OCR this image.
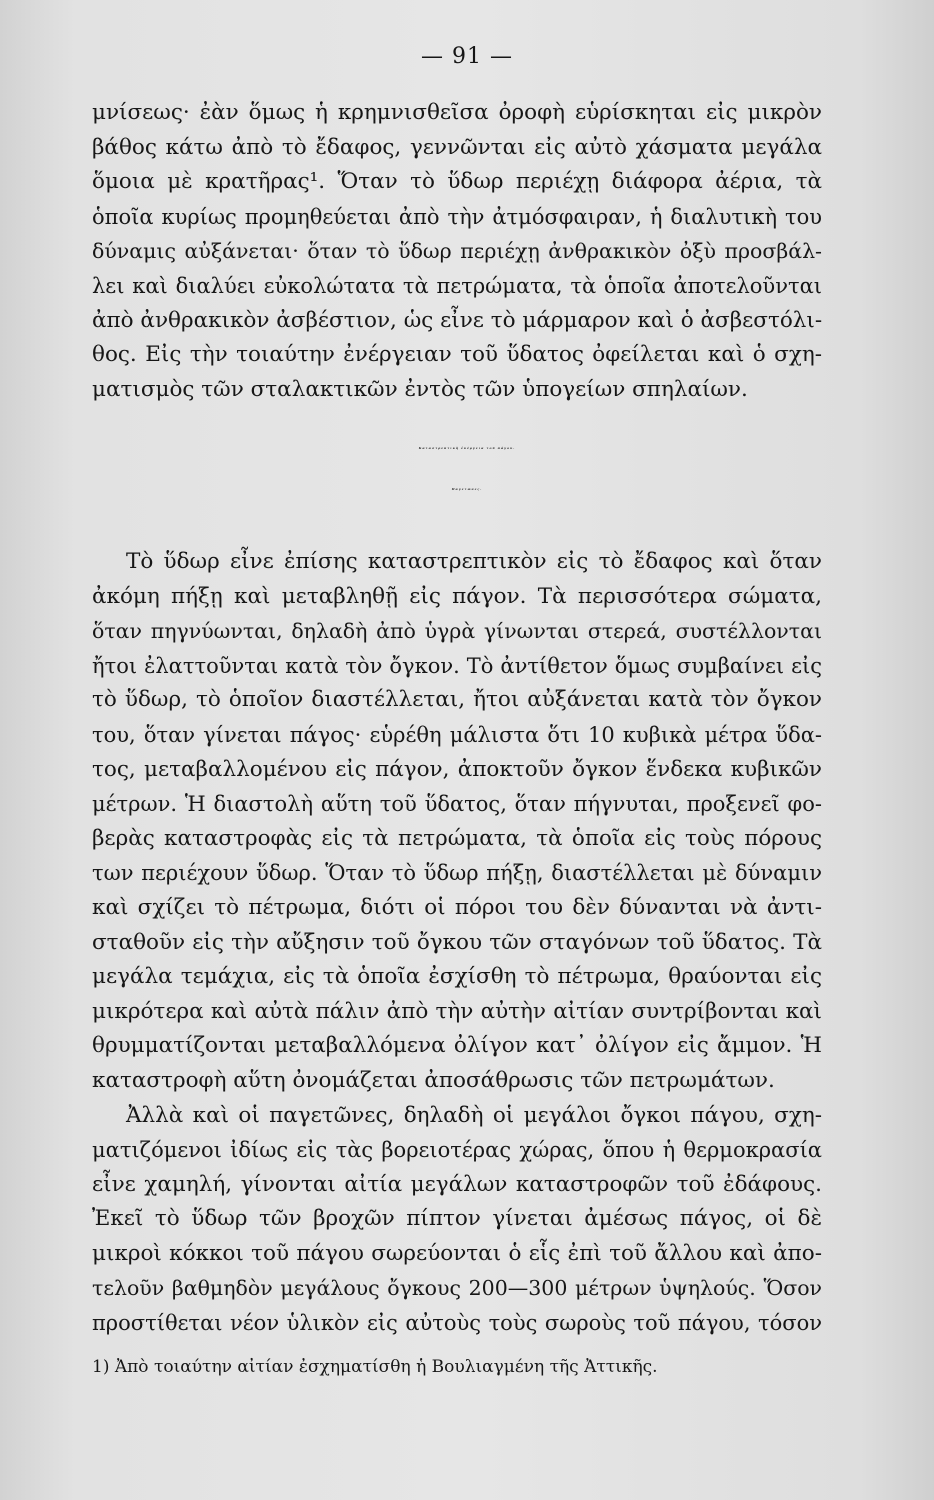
— 91 —
μνίσεως· ἐὰν ὅμως ἡ κρημνισθεῖσα ὀροφὴ εὑρίσκηται εἰς μικρὸν
βάθος κάτω ἀπὸ τὸ ἔδαφος, γεννῶνται εἰς αὐτὸ χάσματα μεγάλα
ὅμοια μὲ κρατῆρας¹. Ὅταν τὸ ὕδωρ περιέχῃ διάφορα ἀέρια, τὰ
ὁποῖα κυρίως προμηθεύεται ἀπὸ τὴν ἀτμόσφαιραν, ἡ διαλυτικὴ του
δύναμις αὐξάνεται· ὅταν τὸ ὕδωρ περιέχῃ ἀνθρακικὸν ὀξὺ προσβάλ-
λει καὶ διαλύει εὐκολώτατα τὰ πετρώματα, τὰ ὁποῖα ἀποτελοῦνται
ἀπὸ ἀνθρακικὸν ἀσβέστιον, ὡς εἶνε τὸ μάρμαρον καὶ ὁ ἀσβεστόλι-
θος. Εἰς τὴν τοιαύτην ἐνέργειαν τοῦ ὕδατος ὀφείλεται καὶ ὁ σχη-
ματισμὸς τῶν σταλακτικῶν ἐντὸς τῶν ὑπογείων σπηλαίων.
Καταστρεπτικὴ ἐνέργεια τοῦ πάγου.
Παγετῶνες.
Τὸ ὕδωρ εἶνε ἐπίσης καταστρεπτικὸν εἰς τὸ ἔδαφος καὶ ὅταν
ἀκόμη πήξῃ καὶ μεταβληθῇ εἰς πάγον. Τὰ περισσότερα σώματα,
ὅταν πηγνύωνται, δηλαδὴ ἀπὸ ὑγρὰ γίνωνται στερεά, συστέλλονται
ἤτοι ἐλαττοῦνται κατὰ τὸν ὄγκον. Τὸ ἀντίθετον ὅμως συμβαίνει εἰς
τὸ ὕδωρ, τὸ ὁποῖον διαστέλλεται, ἤτοι αὐξάνεται κατὰ τὸν ὄγκον
του, ὅταν γίνεται πάγος· εὑρέθη μάλιστα ὅτι 10 κυβικὰ μέτρα ὕδα-
τος, μεταβαλλομένου εἰς πάγον, ἀποκτοῦν ὄγκον ἕνδεκα κυβικῶν
μέτρων. Ἡ διαστολὴ αὕτη τοῦ ὕδατος, ὅταν πήγνυται, προξενεῖ φο-
βερὰς καταστροφὰς εἰς τὰ πετρώματα, τὰ ὁποῖα εἰς τοὺς πόρους
των περιέχουν ὕδωρ. Ὅταν τὸ ὕδωρ πήξῃ, διαστέλλεται μὲ δύναμιν
καὶ σχίζει τὸ πέτρωμα, διότι οἱ πόροι του δὲν δύνανται νὰ ἀντι-
σταθοῦν εἰς τὴν αὔξησιν τοῦ ὄγκου τῶν σταγόνων τοῦ ὕδατος. Τὰ
μεγάλα τεμάχια, εἰς τὰ ὁποῖα ἐσχίσθη τὸ πέτρωμα, θραύονται εἰς
μικρότερα καὶ αὐτὰ πάλιν ἀπὸ τὴν αὐτὴν αἰτίαν συντρίβονται καὶ
θρυμματίζονται μεταβαλλόμενα ὀλίγον κατ᾽ ὀλίγον εἰς ἄμμον. Ἡ
καταστροφὴ αὕτη ὀνομάζεται ἀποσάθρωσις τῶν πετρωμάτων.
Ἀλλὰ καὶ οἱ παγετῶνες, δηλαδὴ οἱ μεγάλοι ὄγκοι πάγου, σχη-
ματιζόμενοι ἰδίως εἰς τὰς βορειοτέρας χώρας, ὅπου ἡ θερμοκρασία
εἶνε χαμηλή, γίνονται αἰτία μεγάλων καταστροφῶν τοῦ ἐδάφους.
Ἐκεῖ τὸ ὕδωρ τῶν βροχῶν πίπτον γίνεται ἀμέσως πάγος, οἱ δὲ
μικροὶ κόκκοι τοῦ πάγου σωρεύονται ὁ εἷς ἐπὶ τοῦ ἄλλου καὶ ἀπο-
τελοῦν βαθμηδὸν μεγάλους ὄγκους 200—300 μέτρων ὑψηλούς. Ὅσον
προστίθεται νέον ὑλικὸν εἰς αὐτοὺς τοὺς σωροὺς τοῦ πάγου, τόσον
1) Ἀπὸ τοιαύτην αἰτίαν ἐσχηματίσθη ἡ Βουλιαγμένη τῆς Ἀττικῆς.
